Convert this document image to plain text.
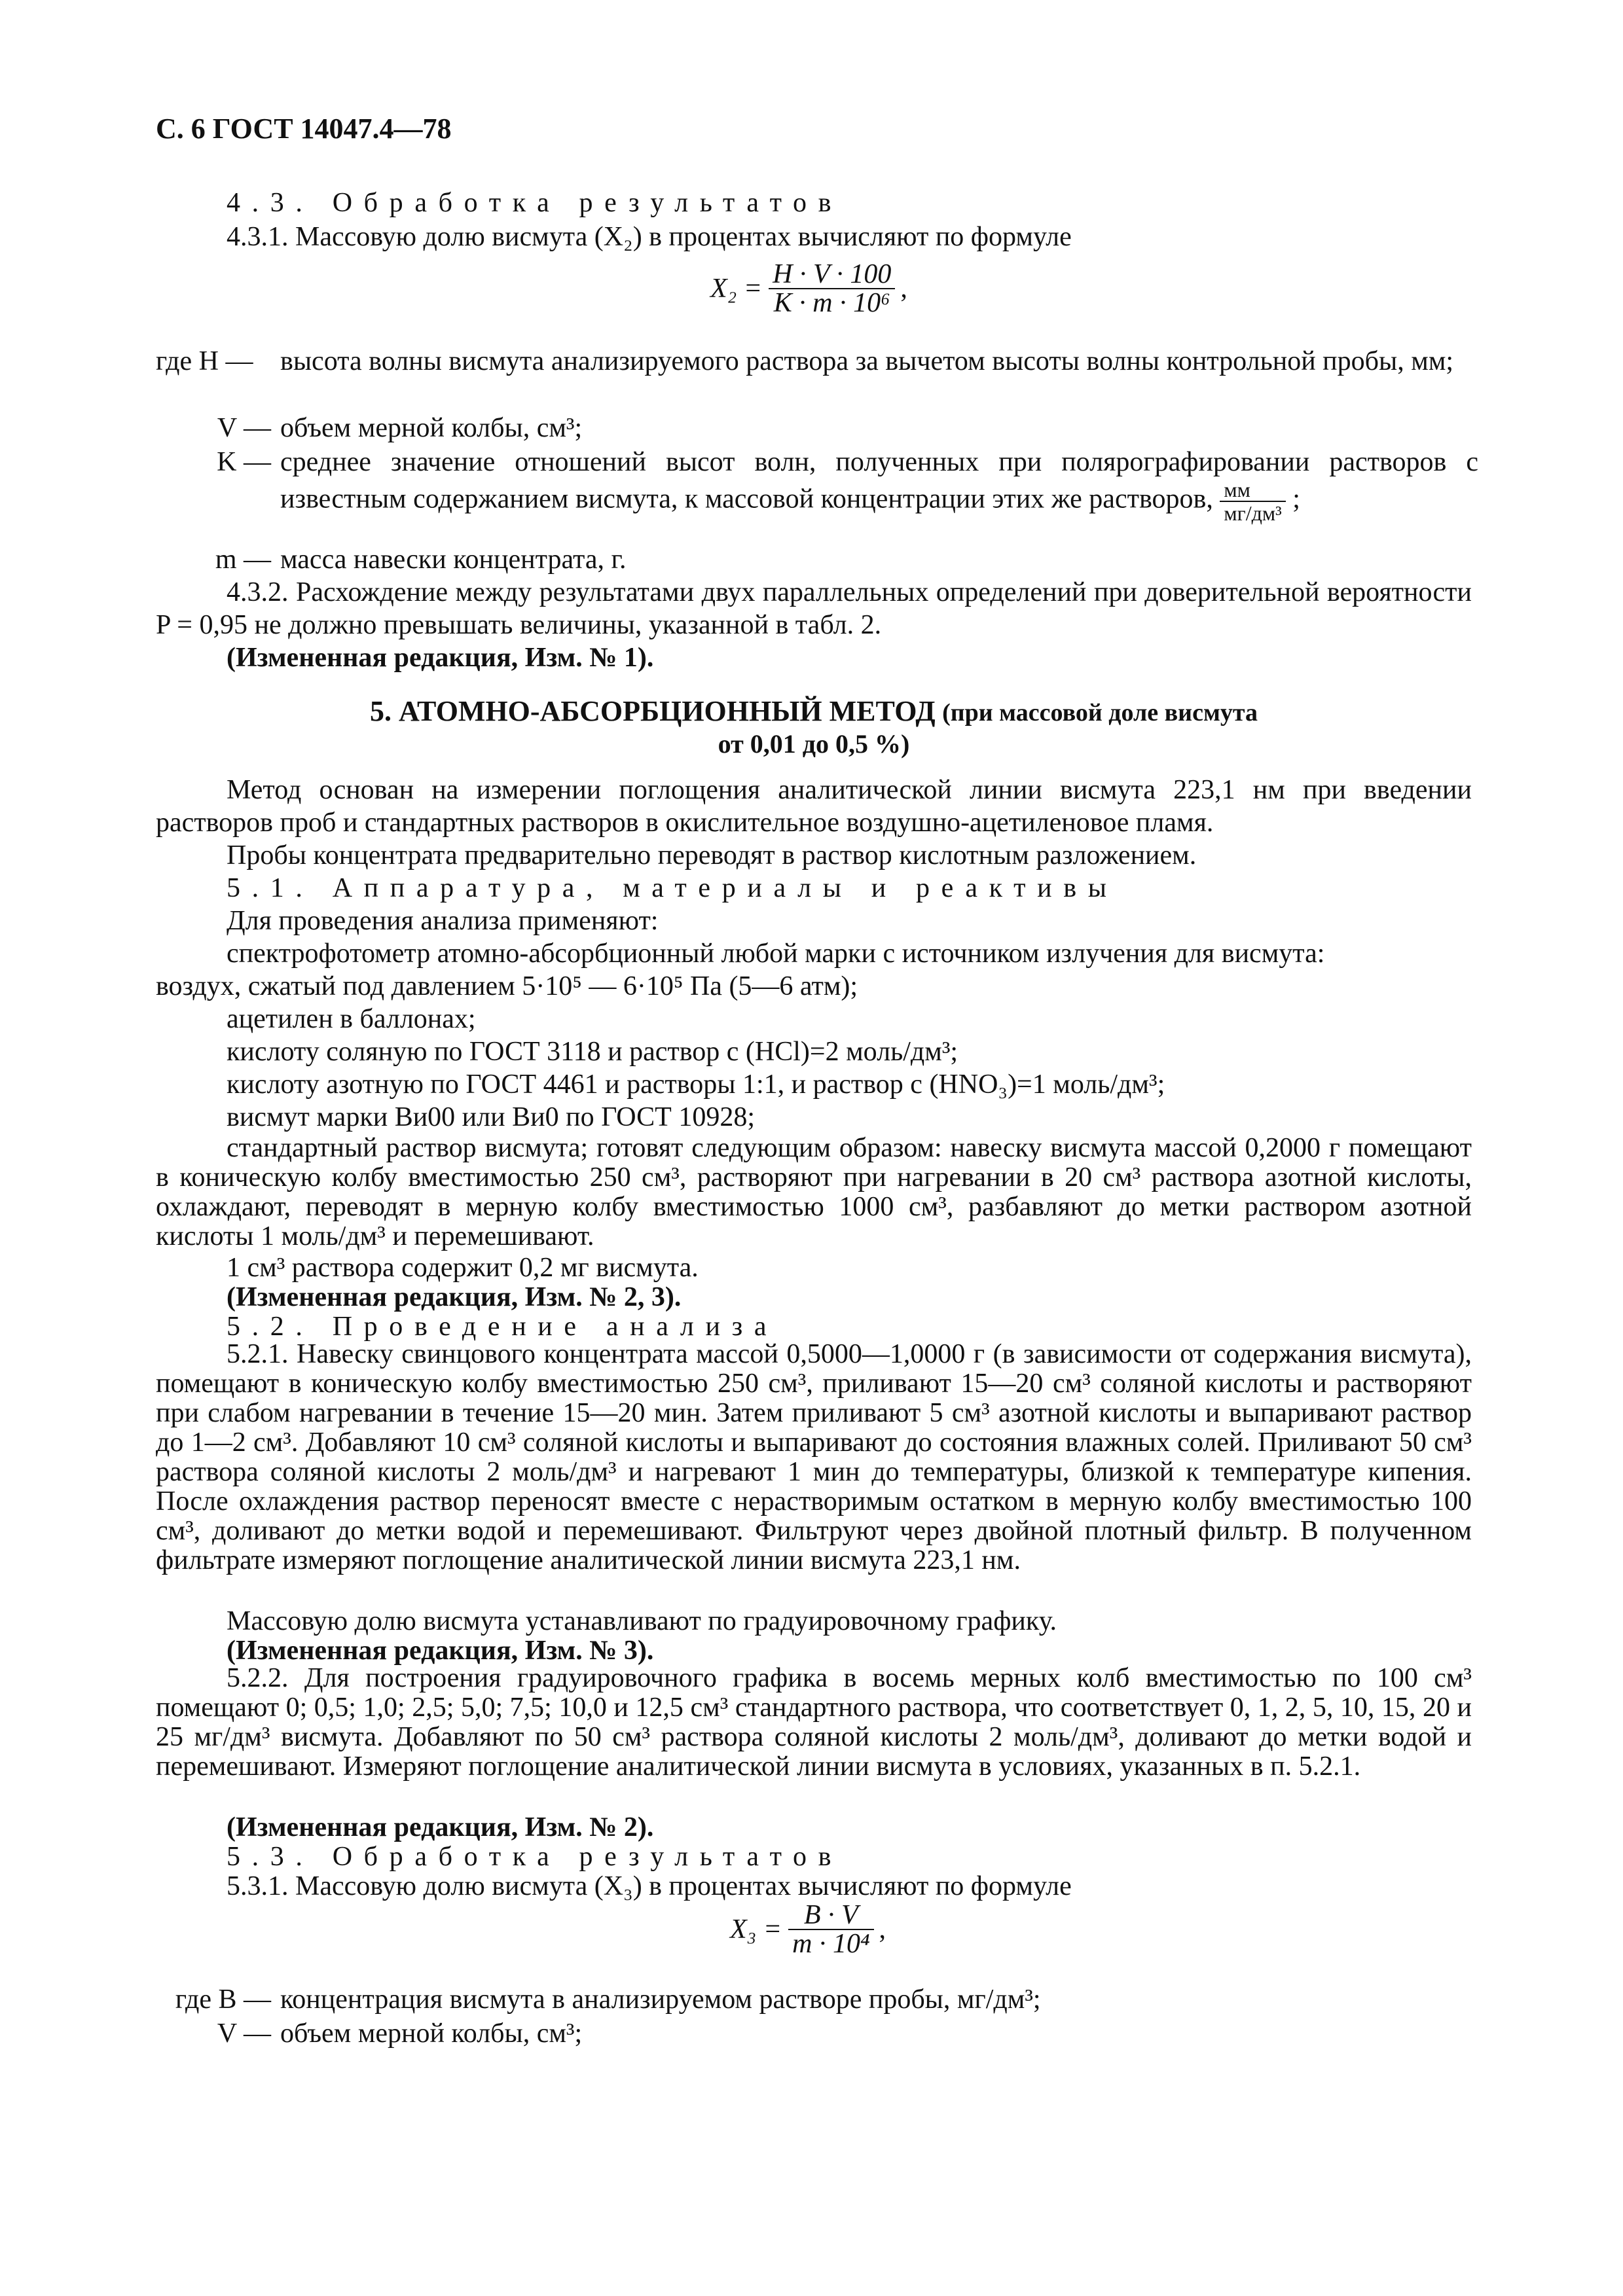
С. 6 ГОСТ 14047.4—78
4.3. Обработка результатов
4.3.1. Массовую долю висмута (X₂) в процентах вычисляют по формуле
$X_2 = \frac{H \cdot V \cdot 100}{\text{K · m · 10⁶}}$ ,
где H — высота волны висмута анализируемого раствора за вычетом высоты волны контрольной пробы, мм;
V — объем мерной колбы, см³;
K — среднее значение отношений высот волн, полученных при полярографировании растворов с известным содержанием висмута, к массовой концентрации этих же растворов, $\frac{мм}{\text{мг/дм³}}$ ;
m — масса навески концентрата, г.
4.3.2. Расхождение между результатами двух параллельных определений при доверительной вероятности P = 0,95 не должно превышать величины, указанной в табл. 2.
(Измененная редакция, Изм. № 1).
5. АТОМНО-АБСОРБЦИОННЫЙ МЕТОД (при массовой доле висмута
от 0,01 до 0,5 %)
Метод основан на измерении поглощения аналитической линии висмута 223,1 нм при введении растворов проб и стандартных растворов в окислительное воздушно-ацетиленовое пламя.
Пробы концентрата предварительно переводят в раствор кислотным разложением.
5.1. Аппаратура, материалы и реактивы
Для проведения анализа применяют:
спектрофотометр атомно-абсорбционный любой марки с источником излучения для висмута:
воздух, сжатый под давлением 5·10⁵ — 6·10⁵ Па (5—6 атм);
ацетилен в баллонах;
кислоту соляную по ГОСТ 3118 и раствор с (HCl)=2 моль/дм³;
кислоту азотную по ГОСТ 4461 и растворы 1:1, и раствор с (HNO₃)=1 моль/дм³;
висмут марки Ви00 или Ви0 по ГОСТ 10928;
стандартный раствор висмута; готовят следующим образом: навеску висмута массой 0,2000 г помещают в коническую колбу вместимостью 250 см³, растворяют при нагревании в 20 см³ раствора азотной кислоты, охлаждают, переводят в мерную колбу вместимостью 1000 см³, разбавляют до метки раствором азотной кислоты 1 моль/дм³ и перемешивают.
1 см³ раствора содержит 0,2 мг висмута.
(Измененная редакция, Изм. № 2, 3).
5.2. Проведение анализа
5.2.1. Навеску свинцового концентрата массой 0,5000—1,0000 г (в зависимости от содержания висмута), помещают в коническую колбу вместимостью 250 см³, приливают 15—20 см³ соляной кислоты и растворяют при слабом нагревании в течение 15—20 мин. Затем приливают 5 см³ азотной кислоты и выпаривают раствор до 1—2 см³. Добавляют 10 см³ соляной кислоты и выпаривают до состояния влажных солей. Приливают 50 см³ раствора соляной кислоты 2 моль/дм³ и нагревают 1 мин до температуры, близкой к температуре кипения. После охлаждения раствор переносят вместе с нерастворимым остатком в мерную колбу вместимостью 100 см³, доливают до метки водой и перемешивают. Фильтруют через двойной плотный фильтр. В полученном фильтрате измеряют поглощение аналитической линии висмута 223,1 нм.
Массовую долю висмута устанавливают по градуировочному графику.
(Измененная редакция, Изм. № 3).
5.2.2. Для построения градуировочного графика в восемь мерных колб вместимостью по 100 см³ помещают 0; 0,5; 1,0; 2,5; 5,0; 7,5; 10,0 и 12,5 см³ стандартного раствора, что соответствует 0, 1, 2, 5, 10, 15, 20 и 25 мг/дм³ висмута. Добавляют по 50 см³ раствора соляной кислоты 2 моль/дм³, доливают до метки водой и перемешивают. Измеряют поглощение аналитической линии висмута в условиях, указанных в п. 5.2.1.
(Измененная редакция, Изм. № 2).
5.3. Обработка результатов
5.3.1. Массовую долю висмута (X₃) в процентах вычисляют по формуле
$X_3 = \frac{B \cdot V}{\text{m · 10⁴}}$ ,
где B — концентрация висмута в анализируемом растворе пробы, мг/дм³;
V — объем мерной колбы, см³;
